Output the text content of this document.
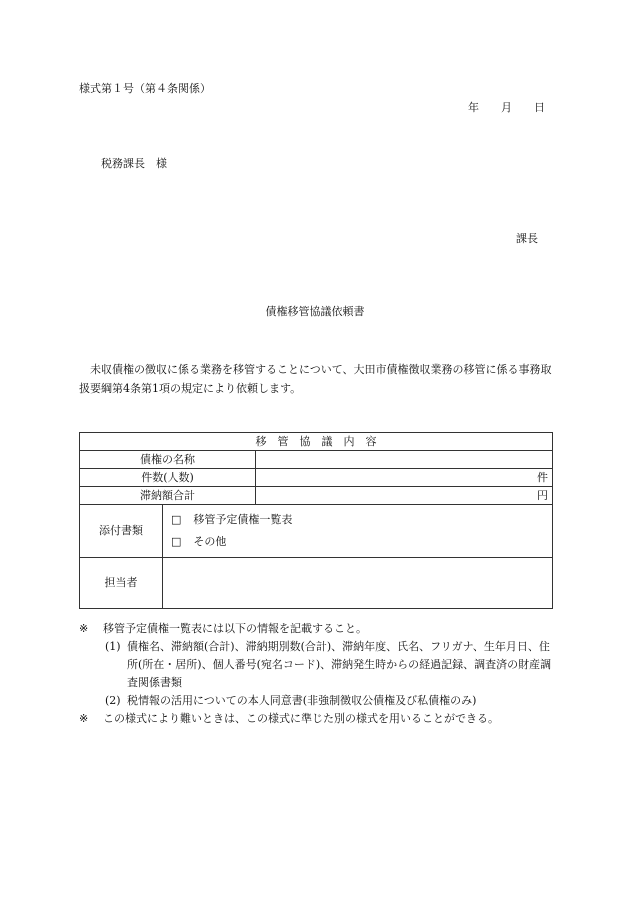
様式第１号（第４条関係）
年 月 日
税務課長　様
課長
債権移管協議依頼書
未収債権の徴収に係る業務を移管することについて、大田市債権徴収業務の移管に係る事務取扱要綱第4条第1項の規定により依頼します。
移　管　協　議　内　容		
債権の名称		
件数(人数)		件
滞納額合計		円
添付書類	□ 移管予定債権一覧表
□ その他	

担当者		
※ 移管予定債権一覧表には以下の情報を記載すること。
(1) 債権名、滞納額(合計)、滞納期別数(合計)、滞納年度、氏名、フリガナ、生年月日、住所(所在・居所)、個人番号(宛名コード)、滞納発生時からの経過記録、調査済の財産調査関係書類
(2) 税情報の活用についての本人同意書(非強制徴収公債権及び私債権のみ)
※ この様式により難いときは、この様式に準じた別の様式を用いることができる。
